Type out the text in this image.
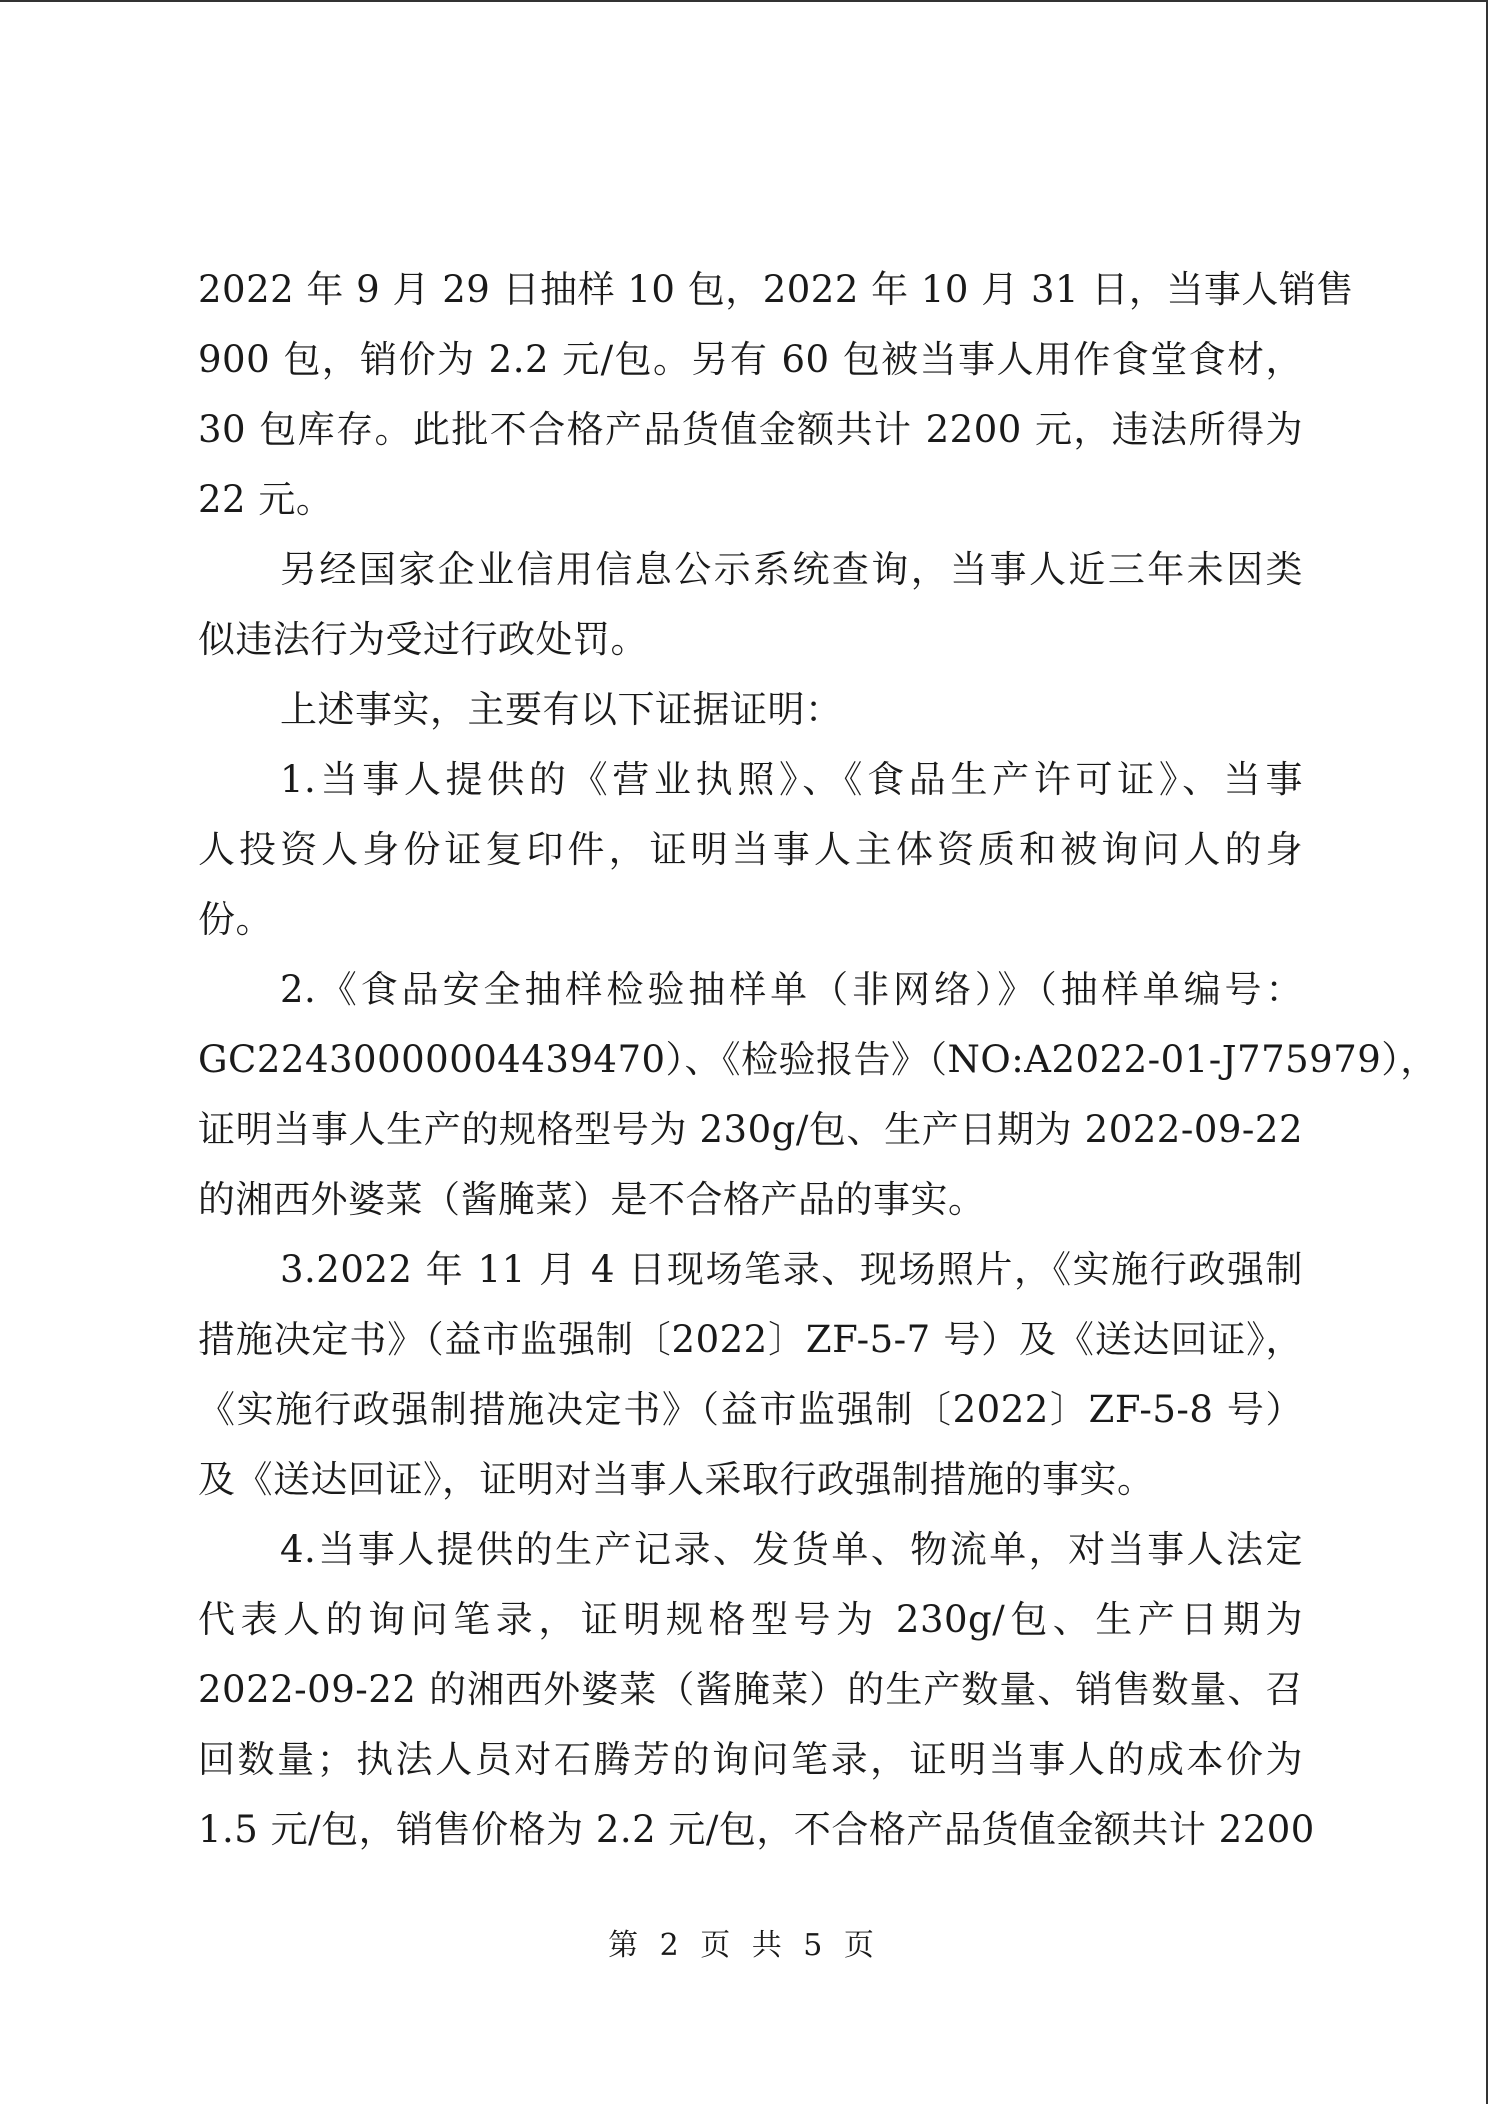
2022 年 9 月 29 日抽样 10 包，2022 年 10 月 31 日，当事人销售
900 包，销价为 2.2 元/包。另有 60 包被当事人用作食堂食材，
30 包库存。此批不合格产品货值金额共计 2200 元，违法所得为
22 元。
另经国家企业信用信息公示系统查询，当事人近三年未因类
似违法行为受过行政处罚。
上述事实，主要有以下证据证明：
1.当事人提供的《营业执照》、《食品生产许可证》、当事
人投资人身份证复印件，证明当事人主体资质和被询问人的身
份。
2.《食品安全抽样检验抽样单（非网络）》（抽样单编号：
GC22430000004439470）、《检验报告》（NO:A2022-01-J775979），
证明当事人生产的规格型号为 230g/包、生产日期为 2022-09-22
的湘西外婆菜（酱腌菜）是不合格产品的事实。
3.2022 年 11 月 4 日现场笔录、现场照片，《实施行政强制
措施决定书》（益市监强制〔2022〕ZF-5-7 号）及《送达回证》，
《实施行政强制措施决定书》（益市监强制〔2022〕ZF-5-8 号）
及《送达回证》，证明对当事人采取行政强制措施的事实。
4.当事人提供的生产记录、发货单、物流单，对当事人法定
代表人的询问笔录，证明规格型号为 230g/包、生产日期为
2022-09-22 的湘西外婆菜（酱腌菜）的生产数量、销售数量、召
回数量；执法人员对石腾芳的询问笔录，证明当事人的成本价为
1.5 元/包，销售价格为 2.2 元/包，不合格产品货值金额共计 2200
第 2 页 共 5 页
